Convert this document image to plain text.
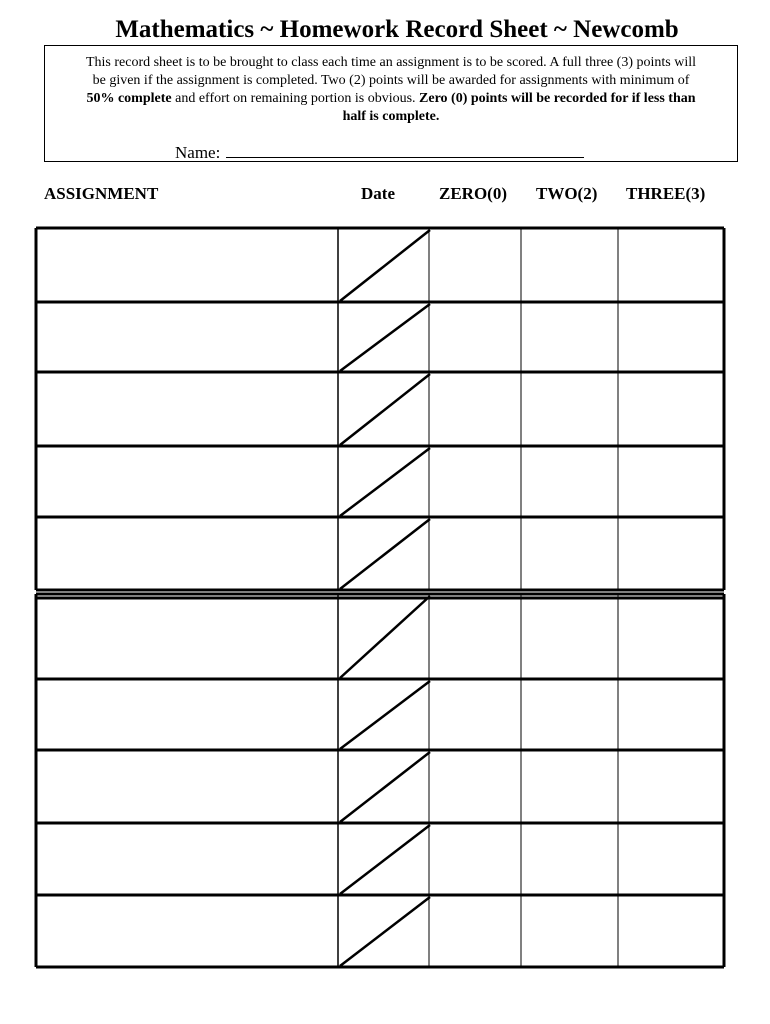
Mathematics ~ Homework Record Sheet ~ Newcomb
This record sheet is to be brought to class each time an assignment is to be scored. A full three (3) points will
be given if the assignment is completed. Two (2) points will be awarded for assignments with minimum of
50% complete and effort on remaining portion is obvious. Zero (0) points will be recorded for if less than
half is complete.
Name:
ASSIGNMENT	Date	ZERO(0) TWO(2) THREE(3)
